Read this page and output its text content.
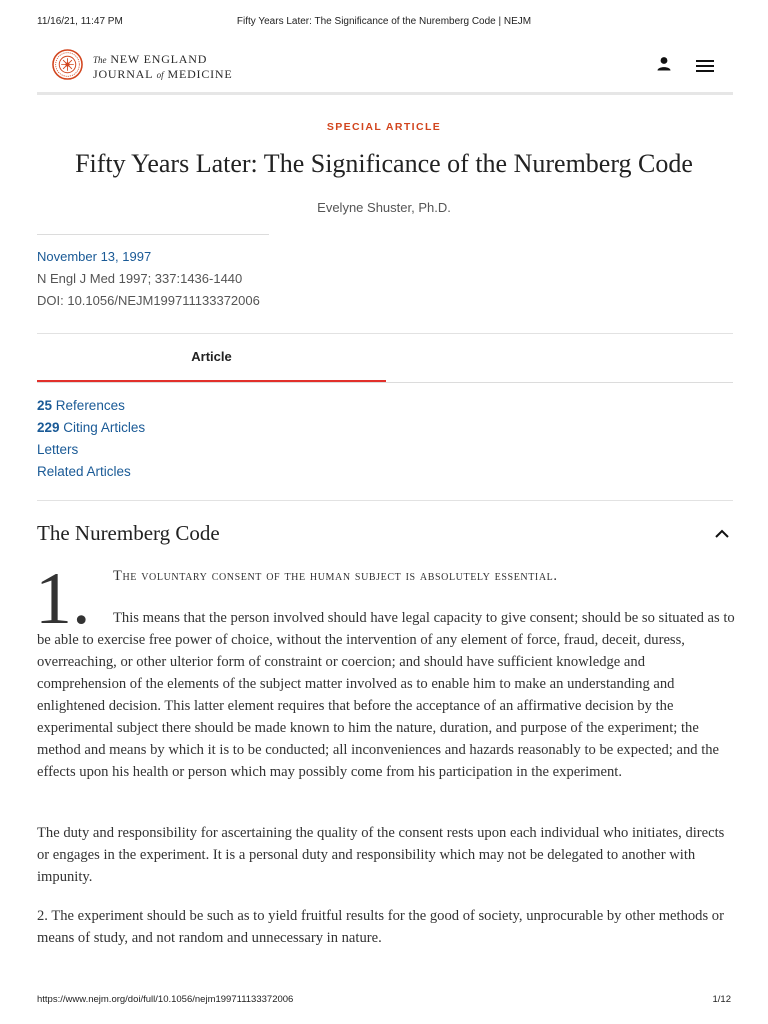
11/16/21, 11:47 PM	Fifty Years Later: The Significance of the Nuremberg Code | NEJM
The NEW ENGLAND
JOURNAL of MEDICINE
SPECIAL ARTICLE
Fifty Years Later: The Significance of the Nuremberg Code
Evelyne Shuster, Ph.D.
November 13, 1997
N Engl J Med 1997; 337:1436-1440
DOI: 10.1056/NEJM199711133372006
Article
25 References
229 Citing Articles
Letters
Related Articles
The Nuremberg Code
1. The voluntary consent of the human subject is absolutely essential.

This means that the person involved should have legal capacity to give consent; should be so situated as to be able to exercise free power of choice, without the intervention of any element of force, fraud, deceit, duress, overreaching, or other ulterior form of constraint or coercion; and should have sufficient knowledge and comprehension of the elements of the subject matter involved as to enable him to make an understanding and enlightened decision. This latter element requires that before the acceptance of an affirmative decision by the experimental subject there should be made known to him the nature, duration, and purpose of the experiment; the method and means by which it is to be conducted; all inconveniences and hazards reasonably to be expected; and the effects upon his health or person which may possibly come from his participation in the experiment.

The duty and responsibility for ascertaining the quality of the consent rests upon each individual who initiates, directs or engages in the experiment. It is a personal duty and responsibility which may not be delegated to another with impunity.

2. The experiment should be such as to yield fruitful results for the good of society, unprocurable by other methods or means of study, and not random and unnecessary in nature.

https://www.nejm.org/doi/full/10.1056/nejm199711133372006	1/12
